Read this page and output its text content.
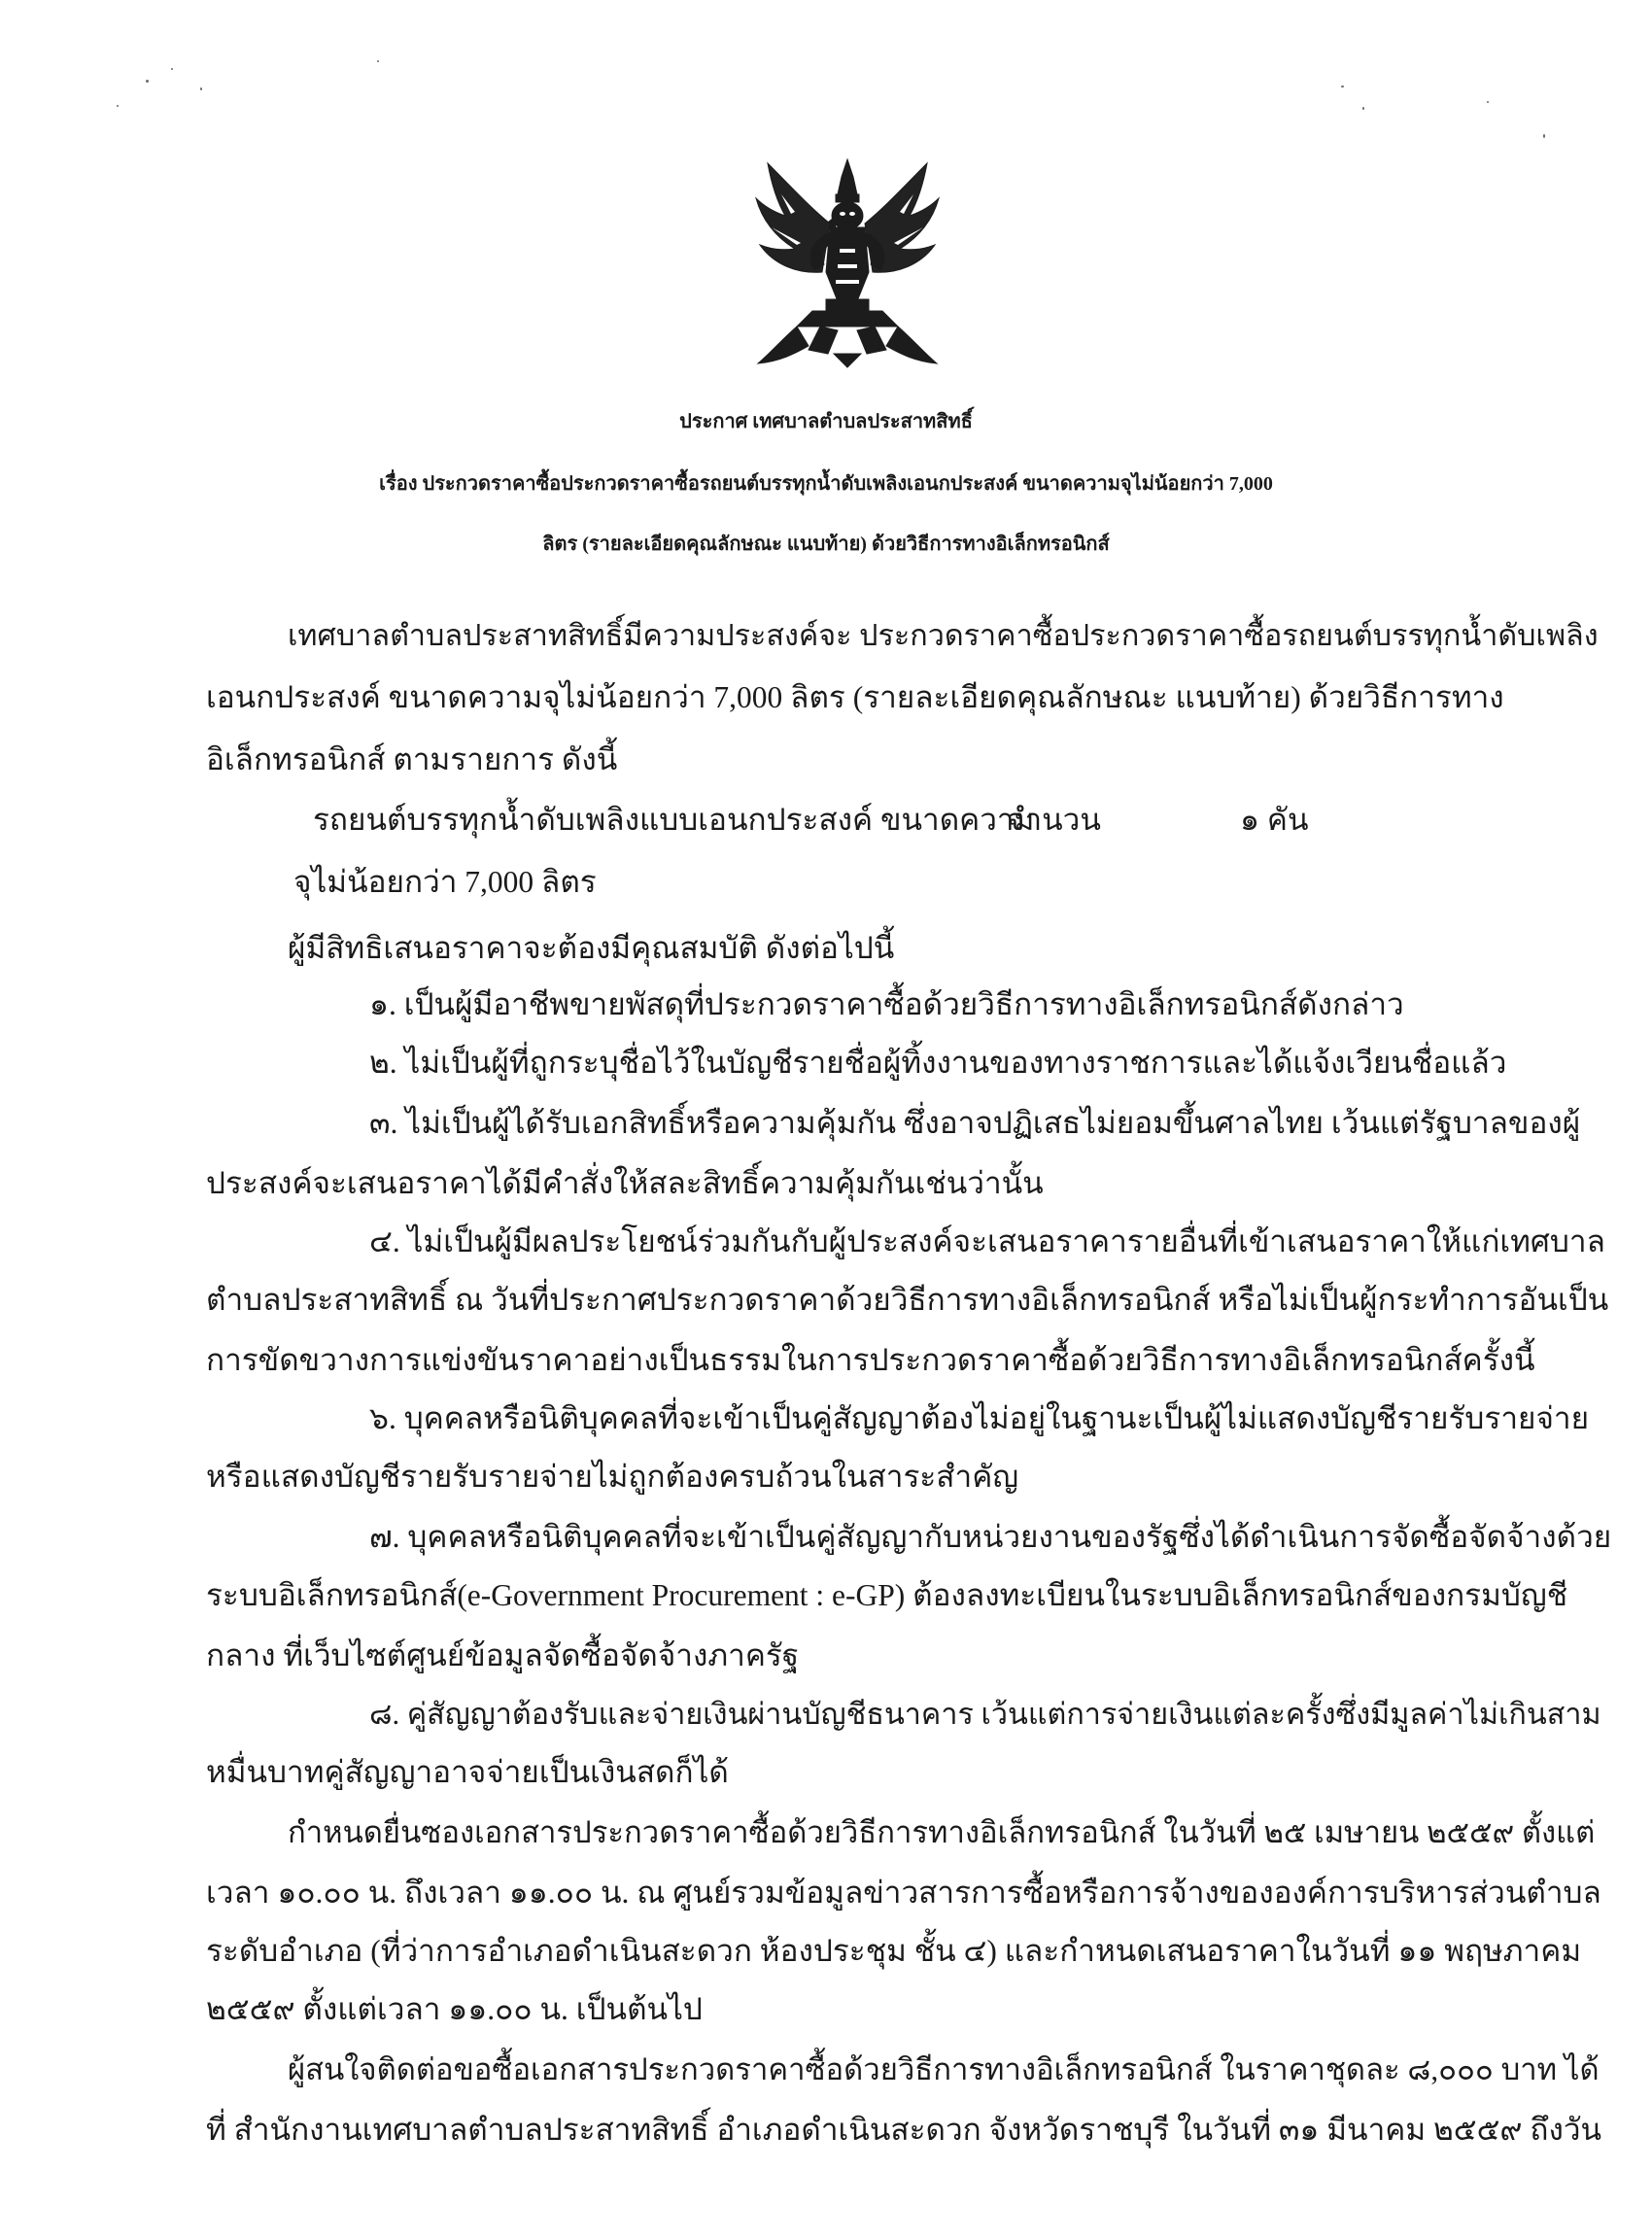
ประกาศ เทศบาลตำบลประสาทสิทธิ์
เรื่อง ประกวดราคาซื้อประกวดราคาซื้อรถยนต์บรรทุกน้ำดับเพลิงเอนกประสงค์ ขนาดความจุไม่น้อยกว่า 7,000
ลิตร (รายละเอียดคุณลักษณะ แนบท้าย) ด้วยวิธีการทางอิเล็กทรอนิกส์
เทศบาลตำบลประสาทสิทธิ์มีความประสงค์จะ ประกวดราคาซื้อประกวดราคาซื้อรถยนต์บรรทุกน้ำดับเพลิง
เอนกประสงค์ ขนาดความจุไม่น้อยกว่า 7,000 ลิตร (รายละเอียดคุณลักษณะ แนบท้าย) ด้วยวิธีการทาง
อิเล็กทรอนิกส์ ตามรายการ ดังนี้
รถยนต์บรรทุกน้ำดับเพลิงแบบเอนกประสงค์ ขนาดความ
จำนวน	๑ คัน
จุไม่น้อยกว่า 7,000 ลิตร
ผู้มีสิทธิเสนอราคาจะต้องมีคุณสมบัติ ดังต่อไปนี้
๑. เป็นผู้มีอาชีพขายพัสดุที่ประกวดราคาซื้อด้วยวิธีการทางอิเล็กทรอนิกส์ดังกล่าว
๒. ไม่เป็นผู้ที่ถูกระบุชื่อไว้ในบัญชีรายชื่อผู้ทิ้งงานของทางราชการและได้แจ้งเวียนชื่อแล้ว
๓. ไม่เป็นผู้ได้รับเอกสิทธิ์หรือความคุ้มกัน ซึ่งอาจปฏิเสธไม่ยอมขึ้นศาลไทย เว้นแต่รัฐบาลของผู้
ประสงค์จะเสนอราคาได้มีคำสั่งให้สละสิทธิ์ความคุ้มกันเช่นว่านั้น
๔. ไม่เป็นผู้มีผลประโยชน์ร่วมกันกับผู้ประสงค์จะเสนอราคารายอื่นที่เข้าเสนอราคาให้แก่เทศบาล
ตำบลประสาทสิทธิ์ ณ วันที่ประกาศประกวดราคาด้วยวิธีการทางอิเล็กทรอนิกส์ หรือไม่เป็นผู้กระทำการอันเป็น
การขัดขวางการแข่งขันราคาอย่างเป็นธรรมในการประกวดราคาซื้อด้วยวิธีการทางอิเล็กทรอนิกส์ครั้งนี้
๖. บุคคลหรือนิติบุคคลที่จะเข้าเป็นคู่สัญญาต้องไม่อยู่ในฐานะเป็นผู้ไม่แสดงบัญชีรายรับรายจ่าย
หรือแสดงบัญชีรายรับรายจ่ายไม่ถูกต้องครบถ้วนในสาระสำคัญ
๗. บุคคลหรือนิติบุคคลที่จะเข้าเป็นคู่สัญญากับหน่วยงานของรัฐซึ่งได้ดำเนินการจัดซื้อจัดจ้างด้วย
ระบบอิเล็กทรอนิกส์(e-Government Procurement : e-GP) ต้องลงทะเบียนในระบบอิเล็กทรอนิกส์ของกรมบัญชี
กลาง ที่เว็บไซต์ศูนย์ข้อมูลจัดซื้อจัดจ้างภาครัฐ
๘. คู่สัญญาต้องรับและจ่ายเงินผ่านบัญชีธนาคาร เว้นแต่การจ่ายเงินแต่ละครั้งซึ่งมีมูลค่าไม่เกินสาม
หมื่นบาทคู่สัญญาอาจจ่ายเป็นเงินสดก็ได้
กำหนดยื่นซองเอกสารประกวดราคาซื้อด้วยวิธีการทางอิเล็กทรอนิกส์ ในวันที่ ๒๕ เมษายน ๒๕๕๙ ตั้งแต่
เวลา ๑๐.๐๐ น. ถึงเวลา ๑๑.๐๐ น. ณ ศูนย์รวมข้อมูลข่าวสารการซื้อหรือการจ้างขององค์การบริหารส่วนตำบล
ระดับอำเภอ (ที่ว่าการอำเภอดำเนินสะดวก ห้องประชุม ชั้น ๔) และกำหนดเสนอราคาในวันที่ ๑๑ พฤษภาคม
๒๕๕๙ ตั้งแต่เวลา ๑๑.๐๐ น. เป็นต้นไป
ผู้สนใจติดต่อขอซื้อเอกสารประกวดราคาซื้อด้วยวิธีการทางอิเล็กทรอนิกส์ ในราคาชุดละ ๘,๐๐๐ บาท ได้
ที่ สำนักงานเทศบาลตำบลประสาทสิทธิ์ อำเภอดำเนินสะดวก จังหวัดราชบุรี ในวันที่ ๓๑ มีนาคม ๒๕๕๙ ถึงวัน
